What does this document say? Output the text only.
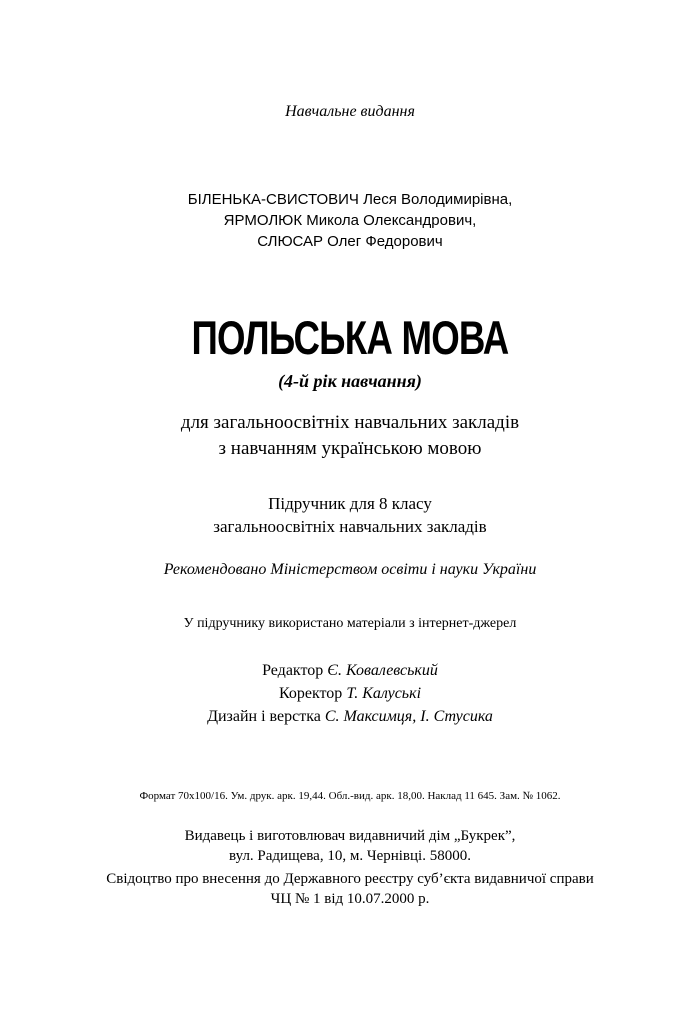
Навчальне видання
БІЛЕНЬКА-СВИСТОВИЧ Леся Володимирівна,
ЯРМОЛЮК Микола Олександрович,
СЛЮСАР Олег Федорович
ПОЛЬСЬКА МОВА
(4-й рік навчання)
для загальноосвітніх навчальних закладів
з навчанням українською мовою
Підручник для 8 класу
загальноосвітніх навчальних закладів
Рекомендовано Міністерством освіти і науки України
У підручнику використано матеріали з інтернет-джерел
Редактор Є. Ковалевський
Коректор Т. Калуські
Дизайн і верстка С. Максимця, І. Стусика
Формат 70х100/16. Ум. друк. арк. 19,44. Обл.-вид. арк. 18,00. Наклад 11 645. Зам. № 1062.
Видавець і виготовлювач видавничий дім „Букрек”,
вул. Радищева, 10, м. Чернівці. 58000.
Свідоцтво про внесення до Державного реєстру суб’єкта видавничої справи
ЧЦ № 1 від 10.07.2000 р.
